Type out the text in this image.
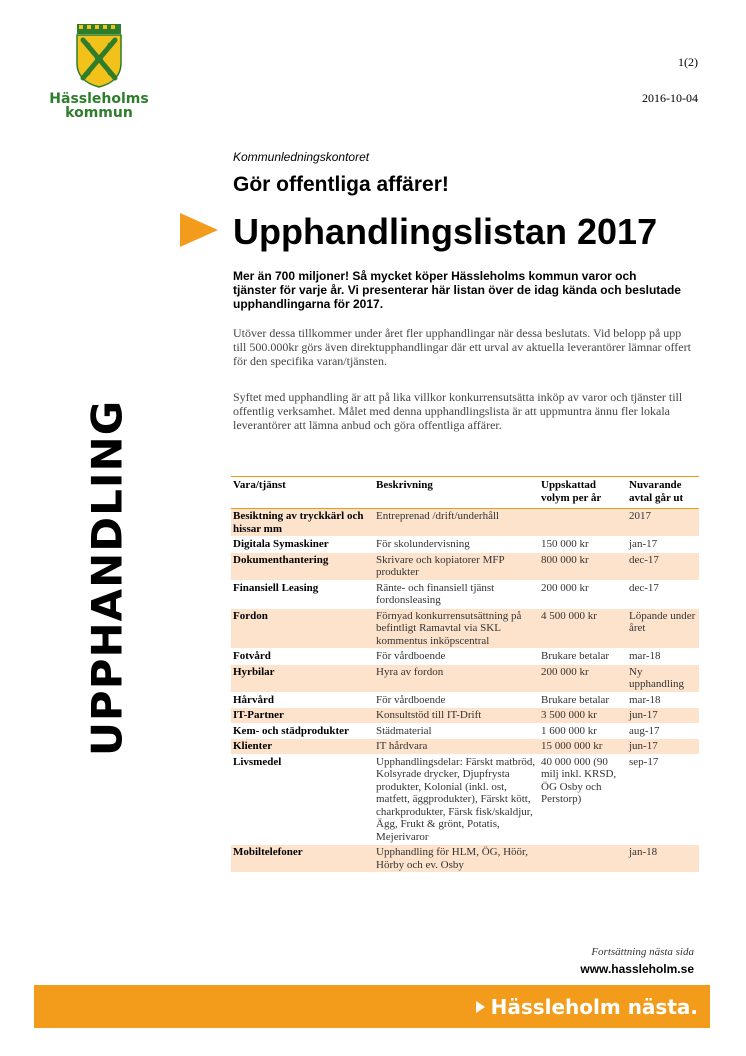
Hässleholms
kommun
1(2)
2016-10-04
Kommunledningskontoret
Gör offentliga affärer!
Upphandlingslistan 2017

Mer än 700 miljoner! Så mycket köper Hässleholms kommun varor och tjänster för varje år. Vi presenterar här listan över de idag kända och beslutade upphandlingarna för 2017.

Utöver dessa tillkommer under året fler upphandlingar när dessa beslutats. Vid belopp på upp till 500.000kr görs även direktupphandlingar där ett urval av aktuella leverantörer lämnar offert för den specifika varan/tjänsten.

Syftet med upphandling är att på lika villkor konkurrensutsätta inköp av varor och tjänster till offentlig verksamhet. Målet med denna upphandlingslista är att uppmuntra ännu fler lokala leverantörer att lämna anbud och göra offentliga affärer.

UPPHANDLING	Vara/tjänst	Beskrivning	Uppskattad volym per år	Nuvarande avtal går ut
Besiktning av tryckkärl och hissar mm	Entreprenad /drift/underhåll		2017
Digitala Symaskiner	För skolundervisning	150 000 kr	jan-17
Dokumenthantering	Skrivare och kopiatorer MFP produkter	800 000 kr	dec-17
Finansiell Leasing	Ränte- och finansiell tjänst fordonsleasing	200 000 kr	dec-17
Fordon	Förnyad konkurrensutsättning på befintligt Ramavtal via SKL kommentus inköpscentral	4 500 000 kr	Löpande under året
Fotvård	För vårdboende	Brukare betalar	mar-18
Hyrbilar	Hyra av fordon	200 000 kr	Ny upphandling
Hårvård	För vårdboende	Brukare betalar	mar-18
IT-Partner	Konsultstöd till IT-Drift	3 500 000 kr	jun-17
Kem- och städprodukter	Städmaterial	1 600 000 kr	aug-17
Klienter	IT hårdvara	15 000 000 kr	jun-17
Livsmedel	Upphandlingsdelar: Färskt matbröd, Kolsyrade drycker, Djupfrysta produkter, Kolonial (inkl. ost, matfett, äggprodukter), Färskt kött, charkprodukter, Färsk fisk/skaldjur, Ägg, Frukt & grönt, Potatis, Mejerivaror	40 000 000 (90 milj inkl. KRSD, ÖG Osby och Perstorp)	sep-17
Mobiltelefoner	Upphandling för HLM, ÖG, Höör, Hörby och ev. Osby		jan-18
Fortsättning nästa sida
www.hassleholm.se
Hässleholm nästa.
